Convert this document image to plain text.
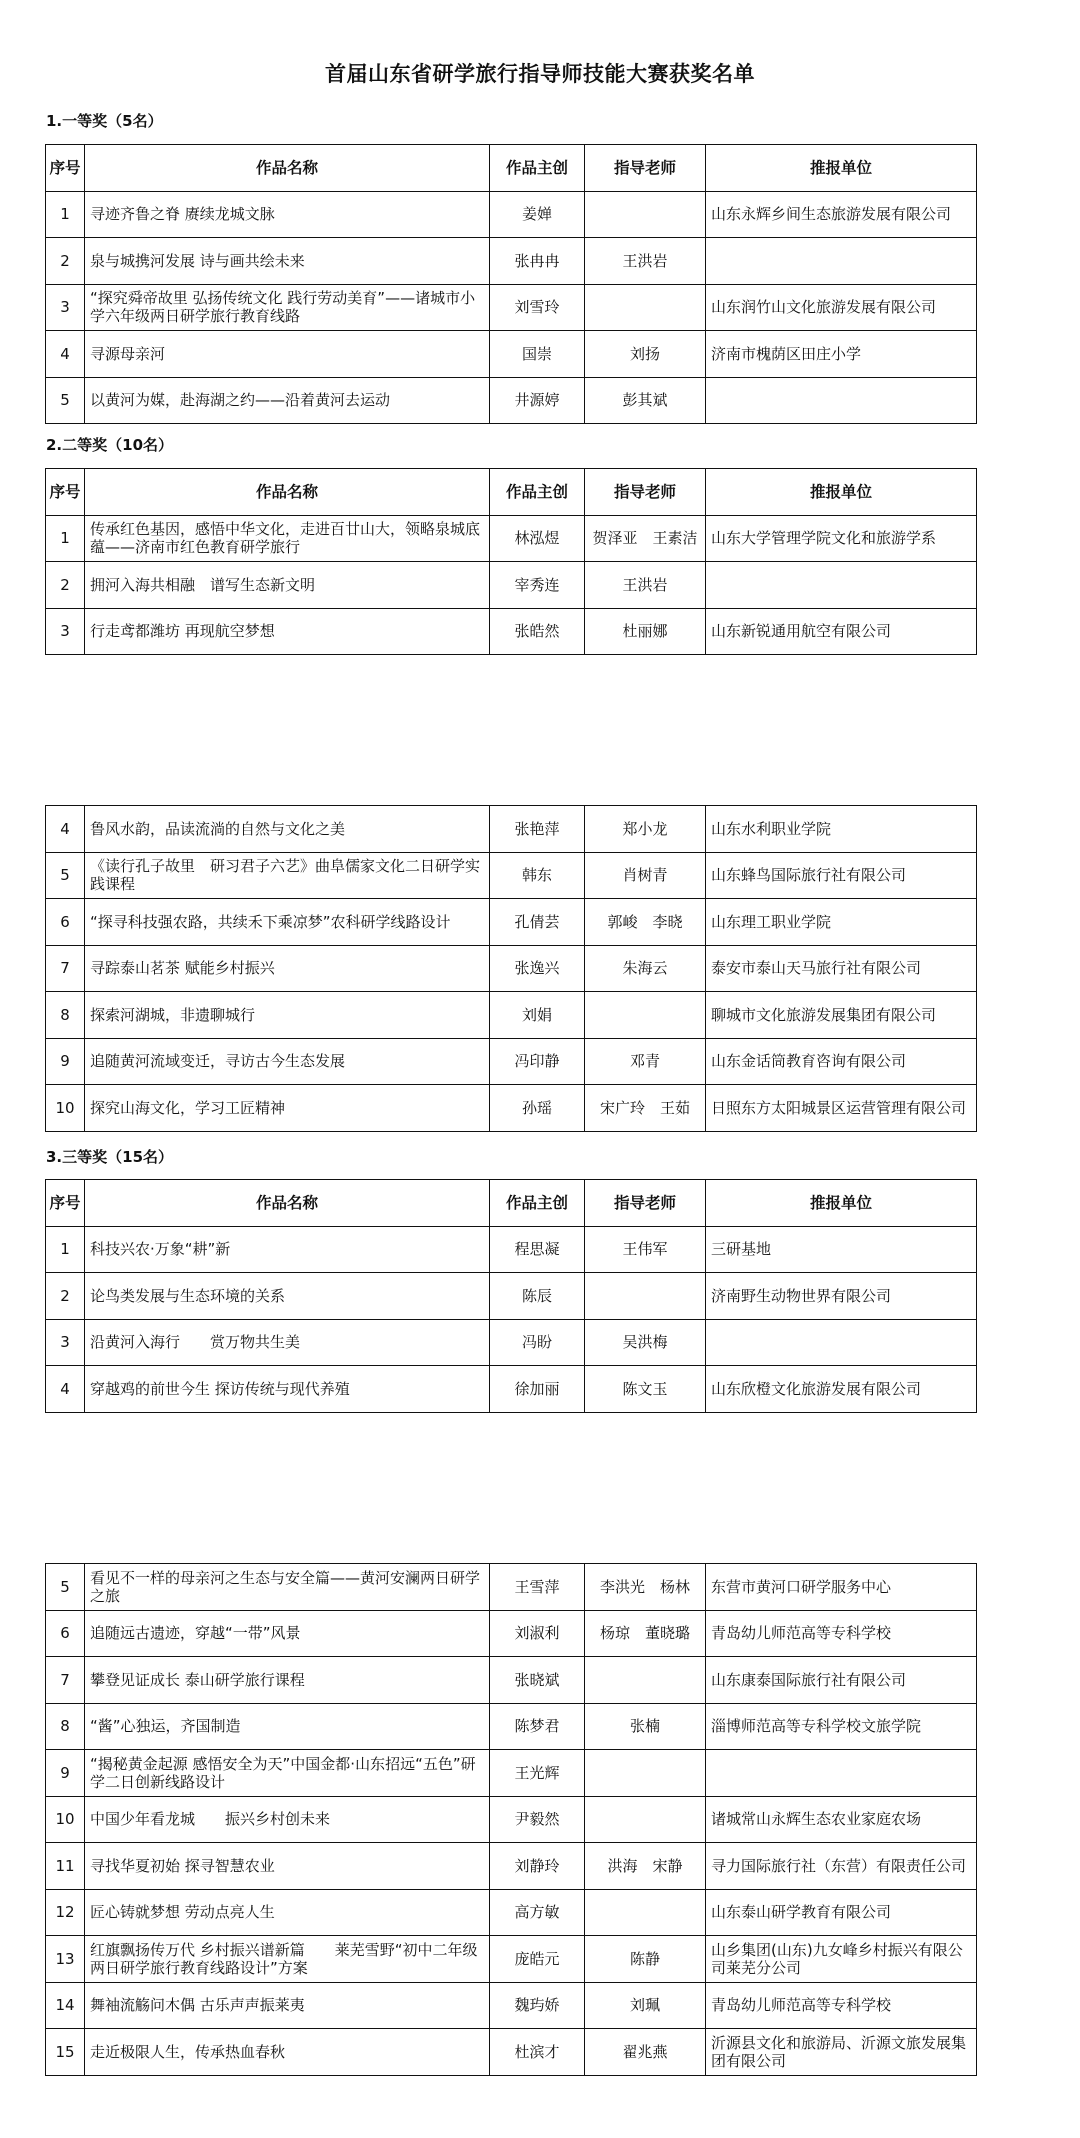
首届山东省研学旅行指导师技能大赛获奖名单
1.一等奖（5名）
序号	作品名称	作品主创	指导老师	推报单位
1	寻迹齐鲁之脊 赓续龙城文脉	姜婵		山东永辉乡间生态旅游发展有限公司
2	泉与城携河发展 诗与画共绘未来	张冉冉	王洪岩	
3	“探究舜帝故里 弘扬传统文化 践行劳动美育”——诸城市小学六年级两日研学旅行教育线路	刘雪玲		山东润竹山文化旅游发展有限公司
4	寻源母亲河	国崇	刘扬	济南市槐荫区田庄小学
5	以黄河为媒，赴海湖之约——沿着黄河去运动	井源婷	彭其斌	
2.二等奖（10名）
序号	作品名称	作品主创	指导老师	推报单位
1	传承红色基因，感悟中华文化，走进百廿山大，领略泉城底蕴——济南市红色教育研学旅行	林泓煜	贺泽亚　王素洁	山东大学管理学院文化和旅游学系
2	拥河入海共相融　谱写生态新文明	宰秀连	王洪岩	
3	行走鸢都潍坊 再现航空梦想	张皓然	杜丽娜	山东新锐通用航空有限公司
4	鲁风水韵，品读流淌的自然与文化之美	张艳萍	郑小龙	山东水利职业学院
5	《读行孔子故里　研习君子六艺》曲阜儒家文化二日研学实践课程	韩东	肖树青	山东蜂鸟国际旅行社有限公司
6	“探寻科技强农路，共续禾下乘凉梦”农科研学线路设计	孔倩芸	郭峻　李晓	山东理工职业学院
7	寻踪泰山茗茶 赋能乡村振兴	张逸兴	朱海云	泰安市泰山天马旅行社有限公司
8	探索河湖城，非遗聊城行	刘娟		聊城市文化旅游发展集团有限公司
9	追随黄河流域变迁，寻访古今生态发展	冯印静	邓青	山东金话筒教育咨询有限公司
10	探究山海文化，学习工匠精神	孙瑶	宋广玲　王茹	日照东方太阳城景区运营管理有限公司
3.三等奖（15名）
序号	作品名称	作品主创	指导老师	推报单位
1	科技兴农·万象“耕”新	程思凝	王伟军	三研基地
2	论鸟类发展与生态环境的关系	陈辰		济南野生动物世界有限公司
3	沿黄河入海行　　赏万物共生美	冯盼	吴洪梅	
4	穿越鸡的前世今生 探访传统与现代养殖	徐加丽	陈文玉	山东欣橙文化旅游发展有限公司
5	看见不一样的母亲河之生态与安全篇——黄河安澜两日研学之旅	王雪萍	李洪光　杨林	东营市黄河口研学服务中心
6	追随远古遗迹，穿越“一带”风景	刘淑利	杨琼　董晓璐	青岛幼儿师范高等专科学校
7	攀登见证成长 泰山研学旅行课程	张晓斌		山东康泰国际旅行社有限公司
8	“酱”心独运，齐国制造	陈梦君	张楠	淄博师范高等专科学校文旅学院
9	“揭秘黄金起源 感悟安全为天”中国金都·山东招远“五色”研学二日创新线路设计	王光辉		
10	中国少年看龙城　　振兴乡村创未来	尹毅然		诸城常山永辉生态农业家庭农场
11	寻找华夏初始 探寻智慧农业	刘静玲	洪海　宋静	寻力国际旅行社（东营）有限责任公司
12	匠心铸就梦想 劳动点亮人生	高方敏		山东泰山研学教育有限公司
13	红旗飘扬传万代 乡村振兴谱新篇　　莱芜雪野“初中二年级两日研学旅行教育线路设计”方案	庞皓元	陈静	山乡集团(山东)九女峰乡村振兴有限公司莱芜分公司
14	舞袖流觞问木偶 古乐声声振莱夷	魏玙娇	刘珮	青岛幼儿师范高等专科学校
15	走近极限人生，传承热血春秋	杜滨才	翟兆燕	沂源县文化和旅游局、沂源文旅发展集团有限公司
